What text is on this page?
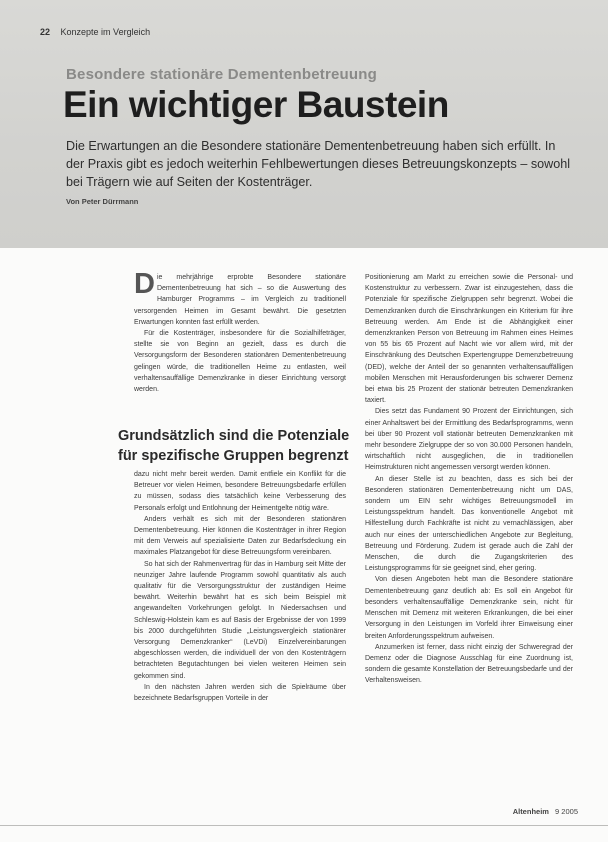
22 Konzepte im Vergleich
Besondere stationäre Dementenbetreuung
Ein wichtiger Baustein
Die Erwartungen an die Besondere stationäre Dementenbetreuung haben sich erfüllt. In der Praxis gibt es jedoch weiterhin Fehlbewertungen dieses Betreuungskonzepts – sowohl bei Trägern wie auf Seiten der Kostenträger.
Von Peter Dürrmann
D ie mehrjährige erprobte Besondere stationäre Dementenbetreuung hat sich – so die Auswertung des Hamburger Programms – im Vergleich zu traditionell versorgenden Heimen im Gesamt bewährt. Die gesetzten Erwartungen konnten fast erfüllt werden.

Für die Kostenträger, insbesondere für die Sozialhilfeträger, stellte sie von Beginn an gezielt, dass es durch die Versorgungsform der Besonderen stationären Dementenbetreuung gelingen würde, die traditionellen Heime zu entlasten, weil verhaltensauffällige Demenzkranke in dieser Einrichtung versorgt werden.

Grundsätzlich sind die Potenziale für spezifische Gruppen begrenzt

dazu nicht mehr bereit werden. Damit entfiele ein Konflikt für die Betreuer vor vielen Heimen, besondere Betreuungsbedarfe erfüllen zu müssen, sodass dies tatsächlich keine Verbesserung des Personals erfolgt und Entlohnung der Heimentgelte nötig wäre.

Anders verhält es sich mit der Besonderen stationären Dementenbetreuung. Hier können die Kostenträger in ihrer Region mit dem Verweis auf spezialisierte Daten zur Bedarfsdeckung ein maximales Platzangebot für diese Betreuungsform vereinbaren.

So hat sich der Rahmenvertrag für das in Hamburg seit Mitte der neunziger Jahre laufende Programm sowohl quantitativ als auch qualitativ für die Versorgungsstruktur der zuständigen Heime bewährt. Weiterhin bewährt hat es sich beim Beispiel mit angewandelten Vorkehrungen gefolgt. In Niedersachsen und Schleswig-Holstein kam es auf Basis der Ergebnisse der von 1999 bis 2000 durchgeführten Studie „Leistungsvergleich stationärer Versorgung Demenzkranker“ (LeVDi) Einzelvereinbarungen abgeschlossen werden, die individuell der von den Kostenträgern betrachteten Begutachtungen bei vielen weiteren Heimen sein gekommen sind.

In den nächsten Jahren werden sich die Spielräume über bezeichnete Bedarfsgruppen Vorteile in der

Positionierung am Markt zu erreichen sowie die Personal- und Kostenstruktur zu verbessern. Zwar ist einzugestehen, dass die Potenziale für spezifische Zielgruppen sehr begrenzt. Wobei die Demenzkranken durch die Einschränkungen ein Kriterium für ihre Betreuung werden. Am Ende ist die Abhängigkeit einer demenzkranken Person von Betreuung im Rahmen eines Heimes von 55 bis 65 Prozent auf Nacht wie vor allem wird, mit der Einschränkung des Deutschen Expertengruppe Demenzbetreuung (DED), welche der Anteil der so genannten verhaltensauffälligen mobilen Menschen mit Herausforderungen bis schwerer Demenz bei etwa bis 25 Prozent der stationär betreuten Demenzkranken taxiert.

Dies setzt das Fundament 90 Prozent der Einrichtungen, sich einer Anhaltswert bei der Ermittlung des Bedarfsprogramms, wenn bei über 90 Prozent voll stationär betreuten Demenzkranken mit mehr besondere Zielgruppe der so von 30.000 Personen handeln, wirtschaftlich nicht ausgeglichen, die in traditionellen Heimstrukturen nicht angemessen versorgt werden können.

An dieser Stelle ist zu beachten, dass es sich bei der Besonderen stationären Dementenbetreuung nicht um DAS, sondern um EIN sehr wichtiges Betreuungsmodell im Leistungsspektrum handelt. Das konventionelle Angebot mit Hilfestellung durch Fachkräfte ist nicht zu vernachlässigen, aber auch nur eines der unterschiedlichen Angebote zur Begleitung, Betreuung und Förderung. Zudem ist gerade auch die Zahl der Menschen, die durch die Zugangskriterien des Leistungsprogramms für sie geeignet sind, eher gering.

Von diesen Angeboten hebt man die Besondere stationäre Dementenbetreuung ganz deutlich ab: Es soll ein Angebot für besonders verhaltensauffällige Demenzkranke sein, nicht für Menschen mit Demenz mit weiteren Erkrankungen, die bei einer Versorgung in den Leistungen im Vorfeld ihrer Einweisung einer breiten Anforderungsspektrum aufweisen.

Anzumerken ist ferner, dass nicht einzig der Schweregrad der Demenz oder die Diagnose Ausschlag für eine Zuordnung ist, sondern die gesamte Konstellation der Betreuungsbedarfe und der Verhaltensweisen.

Altenheim 9 2005
